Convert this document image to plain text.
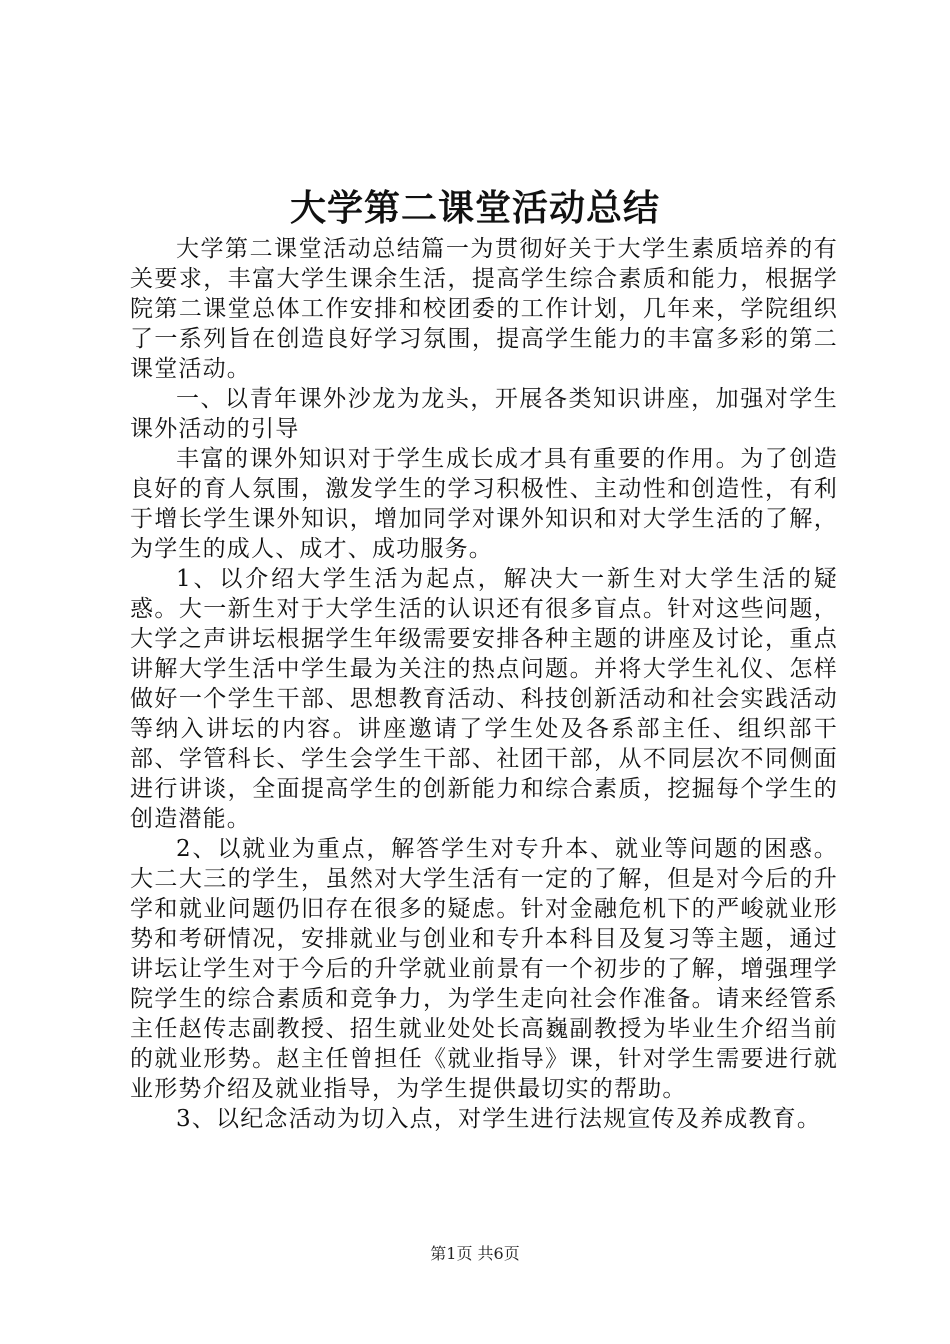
大学第二课堂活动总结

大学第二课堂活动总结篇一为贯彻好关于大学生素质培养的有关要求，丰富大学生课余生活，提高学生综合素质和能力，根据学院第二课堂总体工作安排和校团委的工作计划，几年来，学院组织了一系列旨在创造良好学习氛围，提高学生能力的丰富多彩的第二课堂活动。

一、以青年课外沙龙为龙头，开展各类知识讲座，加强对学生课外活动的引导

丰富的课外知识对于学生成长成才具有重要的作用。为了创造良好的育人氛围，激发学生的学习积极性、主动性和创造性，有利于增长学生课外知识，增加同学对课外知识和对大学生活的了解，为学生的成人、成才、成功服务。

1、以介绍大学生活为起点，解决大一新生对大学生活的疑惑。大一新生对于大学生活的认识还有很多盲点。针对这些问题，大学之声讲坛根据学生年级需要安排各种主题的讲座及讨论，重点讲解大学生活中学生最为关注的热点问题。并将大学生礼仪、怎样做好一个学生干部、思想教育活动、科技创新活动和社会实践活动等纳入讲坛的内容。讲座邀请了学生处及各系部主任、组织部干部、学管科长、学生会学生干部、社团干部，从不同层次不同侧面进行讲谈，全面提高学生的创新能力和综合素质，挖掘每个学生的创造潜能。

2、以就业为重点，解答学生对专升本、就业等问题的困惑。大二大三的学生，虽然对大学生活有一定的了解，但是对今后的升学和就业问题仍旧存在很多的疑虑。针对金融危机下的严峻就业形势和考研情况，安排就业与创业和专升本科目及复习等主题，通过讲坛让学生对于今后的升学就业前景有一个初步的了解，增强理学院学生的综合素质和竞争力，为学生走向社会作准备。请来经管系主任赵传志副教授、招生就业处处长高巍副教授为毕业生介绍当前的就业形势。赵主任曾担任《就业指导》课，针对学生需要进行就业形势介绍及就业指导，为学生提供最切实的帮助。

3、以纪念活动为切入点，对学生进行法规宣传及养成教育。

第1页 共6页
